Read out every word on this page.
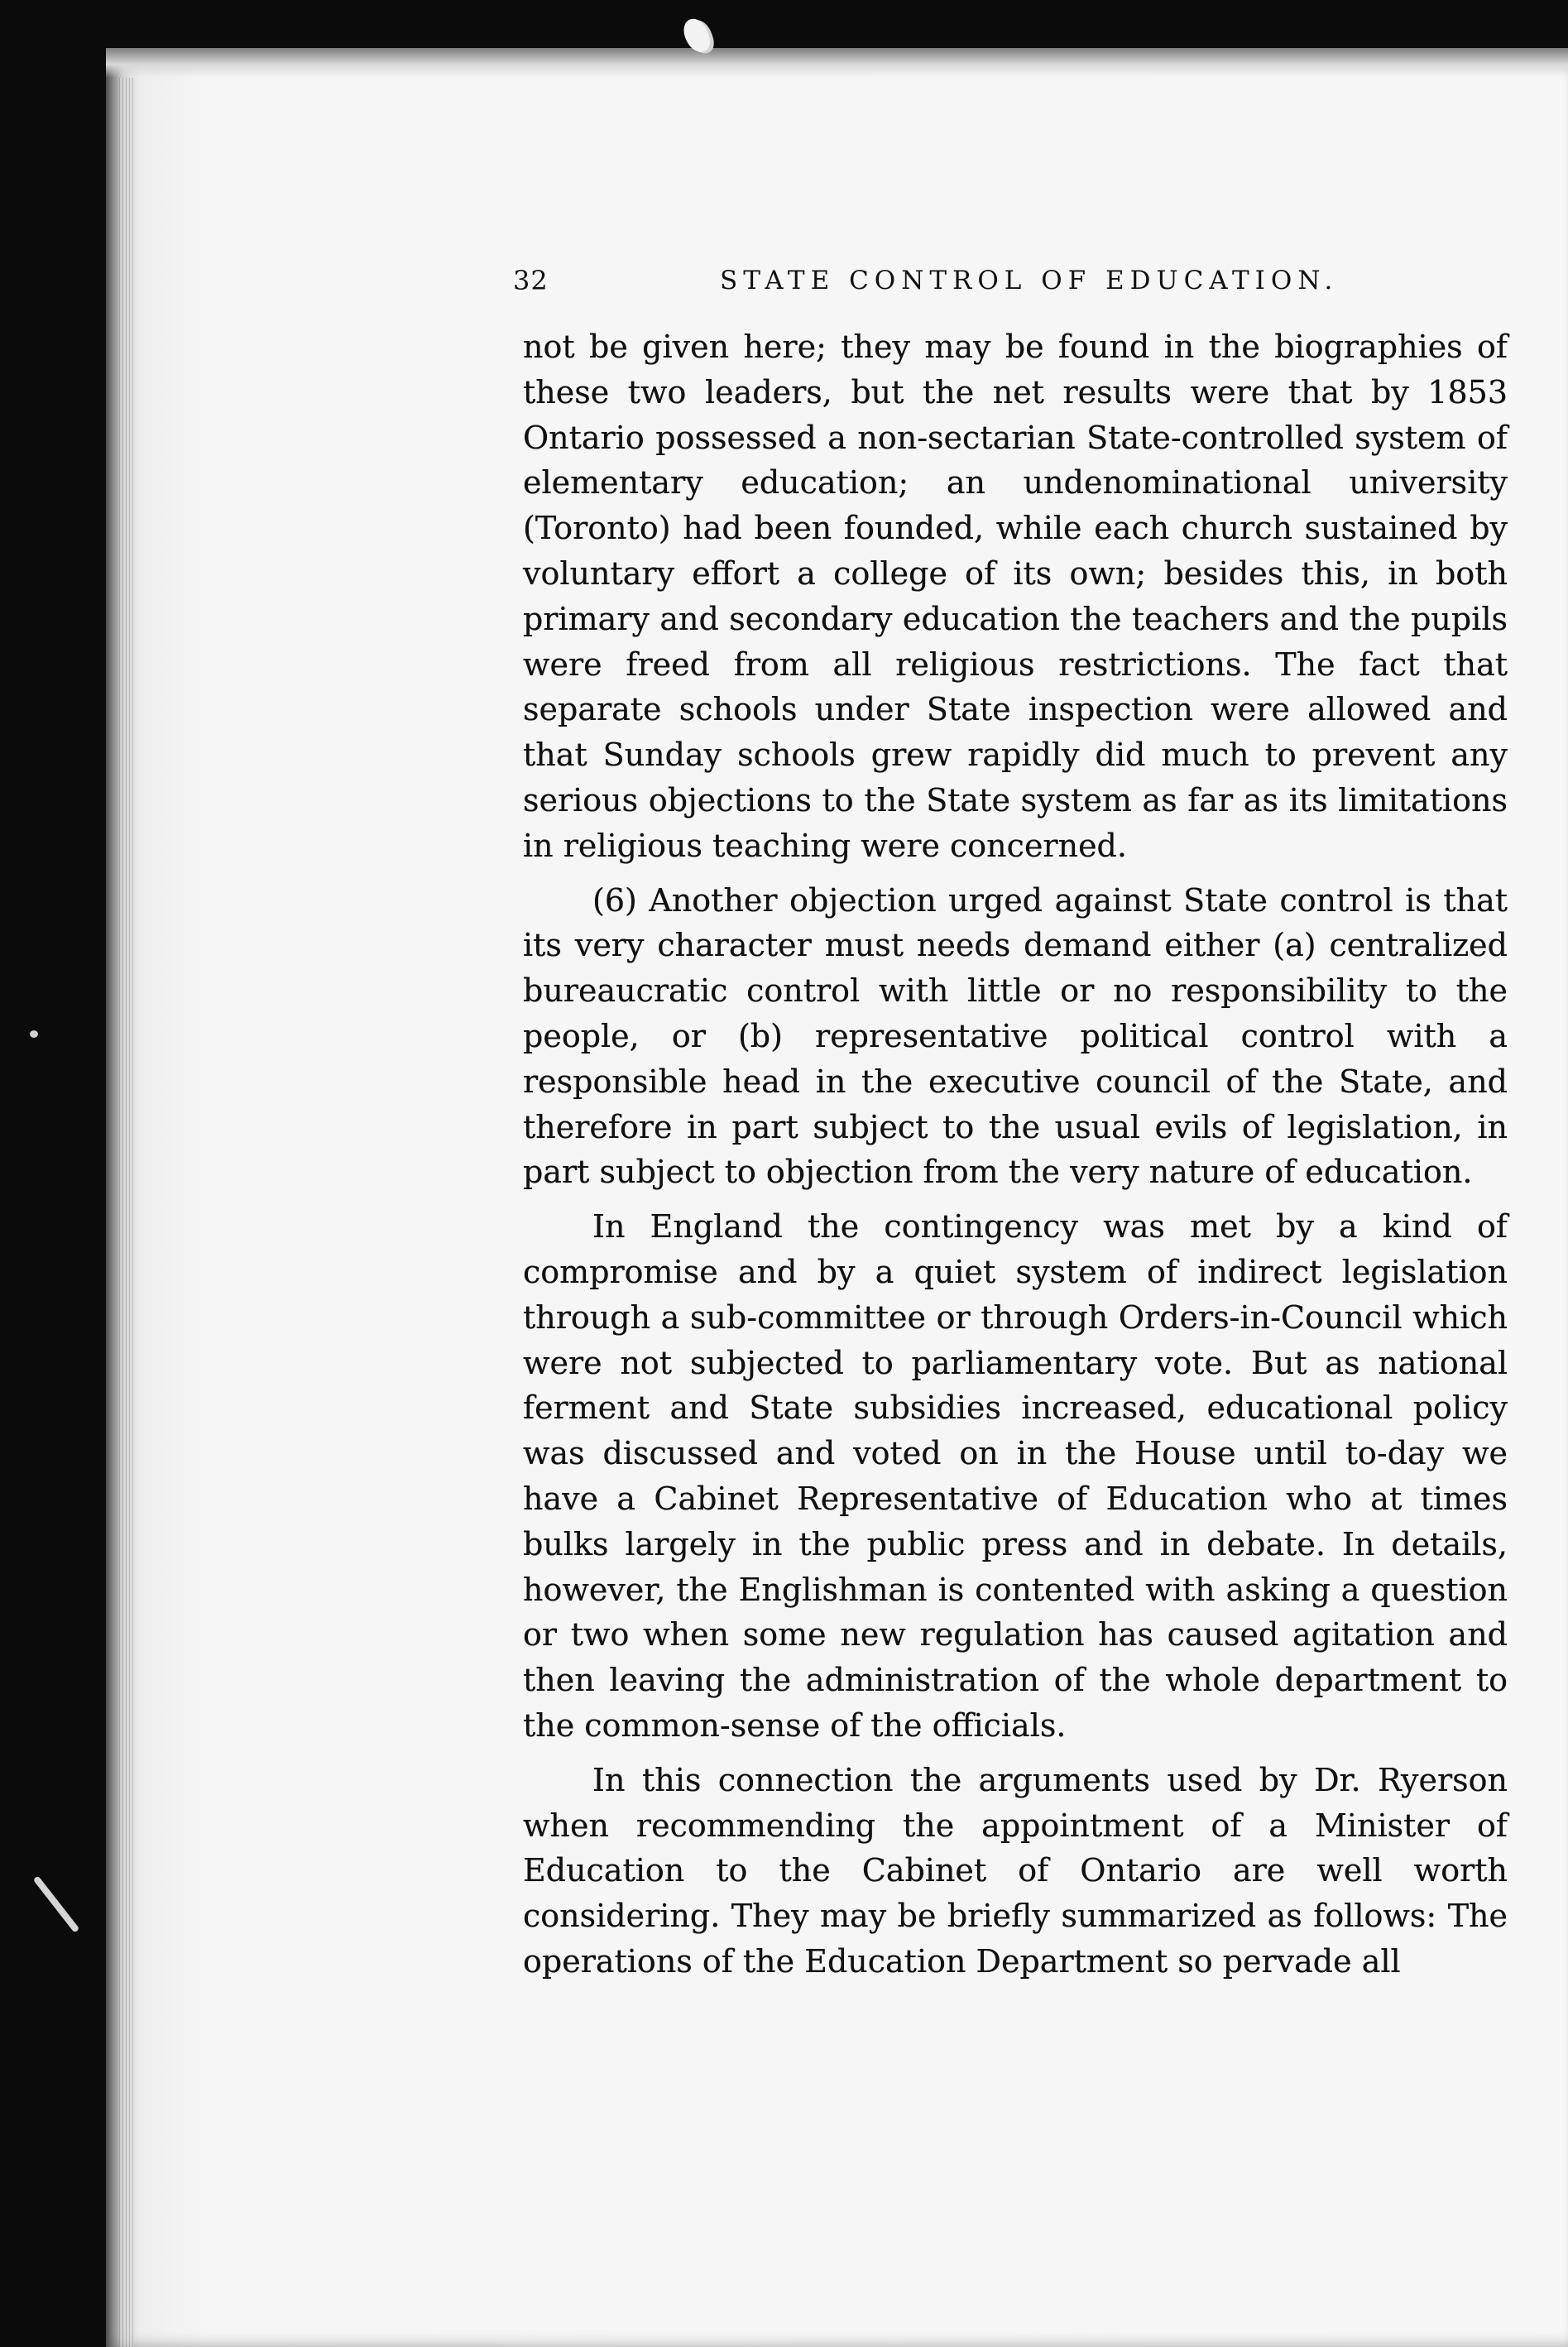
32	STATE CONTROL OF EDUCATION.

not be given here; they may be found in the biographies of these two leaders, but the net results were that by 1853 Ontario possessed a non-sectarian State-controlled system of elementary education; an undenominational university (Toronto) had been founded, while each church sustained by voluntary effort a college of its own; besides this, in both primary and secondary education the teachers and the pupils were freed from all religious restrictions. The fact that separate schools under State inspection were allowed and that Sunday schools grew rapidly did much to prevent any serious objections to the State system as far as its limitations in religious teaching were concerned.

(6) Another objection urged against State control is that its very character must needs demand either (a) centralized bureaucratic control with little or no responsibility to the people, or (b) representative political control with a responsible head in the executive council of the State, and therefore in part subject to the usual evils of legislation, in part subject to objection from the very nature of education.

In England the contingency was met by a kind of compromise and by a quiet system of indirect legislation through a sub-committee or through Orders-in-Council which were not subjected to parliamentary vote. But as national ferment and State subsidies increased, educational policy was discussed and voted on in the House until to-day we have a Cabinet Representative of Education who at times bulks largely in the public press and in debate. In details, however, the Englishman is contented with asking a question or two when some new regulation has caused agitation and then leaving the administration of the whole department to the common-sense of the officials.

In this connection the arguments used by Dr. Ryerson when recommending the appointment of a Minister of Education to the Cabinet of Ontario are well worth considering. They may be briefly summarized as follows: The operations of the Education Department so pervade all
